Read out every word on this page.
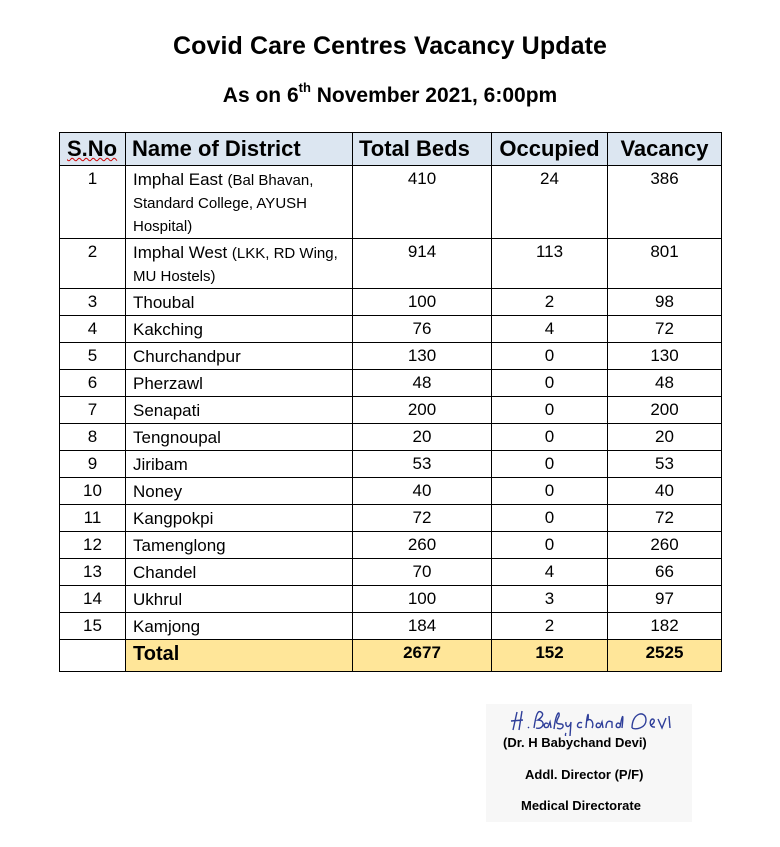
Covid Care Centres Vacancy Update
As on 6th November 2021, 6:00pm
S.No	Name of District	Total Beds	Occupied	Vacancy
1	Imphal East (Bal Bhavan, Standard College, AYUSH Hospital)	410	24	386
2	Imphal West (LKK, RD Wing, MU Hostels)	914	113	801
3	Thoubal	100	2	98
4	Kakching	76	4	72
5	Churchandpur	130	0	130
6	Pherzawl	48	0	48
7	Senapati	200	0	200
8	Tengnoupal	20	0	20
9	Jiribam	53	0	53
10	Noney	40	0	40
11	Kangpokpi	72	0	72
12	Tamenglong	260	0	260
13	Chandel	70	4	66
14	Ukhrul	100	3	97
15	Kamjong	184	2	182
	Total	2677	152	2525
(Dr. H Babychand Devi)
Addl. Director (P/F)
Medical Directorate
